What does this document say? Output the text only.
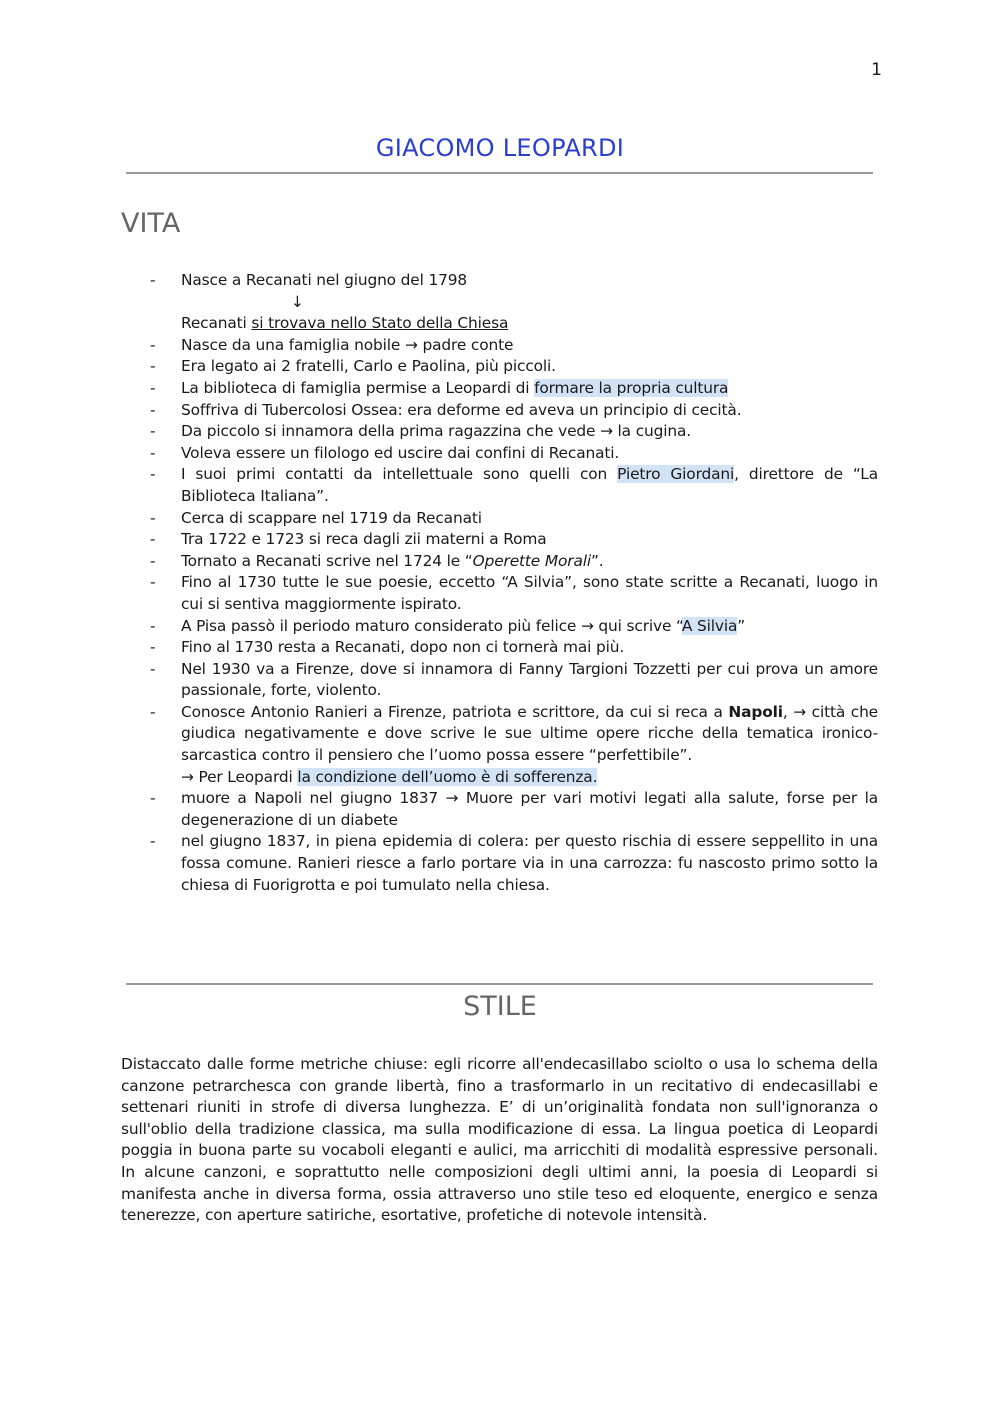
1
GIACOMO LEOPARDI
VITA
- Nasce a Recanati nel giugno del 1798
↓
Recanati si trovava nello Stato della Chiesa
- Nasce da una famiglia nobile → padre conte
- Era legato ai 2 fratelli, Carlo e Paolina, più piccoli.
- La biblioteca di famiglia permise a Leopardi di formare la propria cultura
- Soffriva di Tubercolosi Ossea: era deforme ed aveva un principio di cecità.
- Da piccolo si innamora della prima ragazzina che vede → la cugina.
- Voleva essere un filologo ed uscire dai confini di Recanati.
- I suoi primi contatti da intellettuale sono quelli con Pietro Giordani, direttore de “La Biblioteca Italiana”.
- Cerca di scappare nel 1719 da Recanati
- Tra 1722 e 1723 si reca dagli zii materni a Roma
- Tornato a Recanati scrive nel 1724 le “Operette Morali”.
- Fino al 1730 tutte le sue poesie, eccetto “A Silvia”, sono state scritte a Recanati, luogo in cui si sentiva maggiormente ispirato.
- A Pisa passò il periodo maturo considerato più felice → qui scrive “A Silvia”
- Fino al 1730 resta a Recanati, dopo non ci tornerà mai più.
- Nel 1930 va a Firenze, dove si innamora di Fanny Targioni Tozzetti per cui prova un amore passionale, forte, violento.
- Conosce Antonio Ranieri a Firenze, patriota e scrittore, da cui si reca a Napoli, → città che giudica negativamente e dove scrive le sue ultime opere ricche della tematica ironico-sarcastica contro il pensiero che l’uomo possa essere “perfettibile”.
→ Per Leopardi la condizione dell’uomo è di sofferenza.
- muore a Napoli nel giugno 1837 → Muore per vari motivi legati alla salute, forse per la degenerazione di un diabete
- nel giugno 1837, in piena epidemia di colera: per questo rischia di essere seppellito in una fossa comune. Ranieri riesce a farlo portare via in una carrozza: fu nascosto primo sotto la chiesa di Fuorigrotta e poi tumulato nella chiesa.
STILE

Distaccato dalle forme metriche chiuse: egli ricorre all'endecasillabo sciolto o usa lo schema della canzone petrarchesca con grande libertà, fino a trasformarlo in un recitativo di endecasillabi e settenari riuniti in strofe di diversa lunghezza. E’ di un’originalità fondata non sull'ignoranza o sull'oblio della tradizione classica, ma sulla modificazione di essa. La lingua poetica di Leopardi poggia in buona parte su vocaboli eleganti e aulici, ma arricchiti di modalità espressive personali. In alcune canzoni, e soprattutto nelle composizioni degli ultimi anni, la poesia di Leopardi si manifesta anche in diversa forma, ossia attraverso uno stile teso ed eloquente, energico e senza tenerezze, con aperture satiriche, esortative, profetiche di notevole intensità.
